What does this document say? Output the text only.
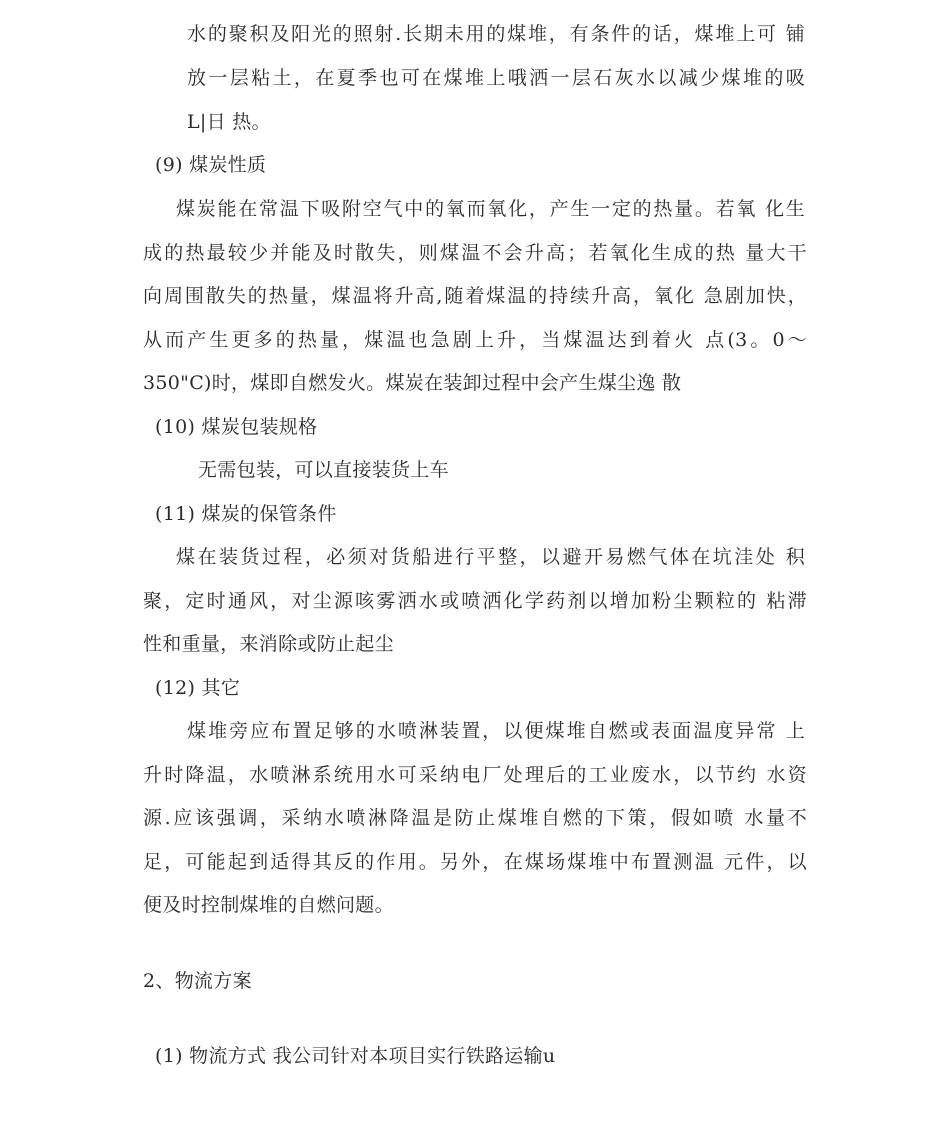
水的聚积及阳光的照射.长期未用的煤堆，有条件的话，煤堆上可 铺
放一层粘土，在夏季也可在煤堆上哦洒一层石灰水以减少煤堆的吸
L|日 热。
(9) 煤炭性质
煤炭能在常温下吸附空气中的氧而氧化，产生一定的热量。若氧 化生
成的热最较少并能及时散失，则煤温不会升高；若氧化生成的热 量大干
向周围散失的热量，煤温将升高,随着煤温的持续升高，氧化 急剧加快，
从而产生更多的热量，煤温也急剧上升，当煤温达到着火 点(3。0〜
350"C)时，煤即自燃发火。煤炭在装卸过程中会产生煤尘逸 散
(10) 煤炭包装规格
无需包装，可以直接装货上车
(11) 煤炭的保管条件
煤在装货过程，必须对货船进行平整，以避开易燃气体在坑洼处 积
聚，定时通风，对尘源咳雾洒水或喷洒化学药剂以增加粉尘颗粒的 粘滞
性和重量，来消除或防止起尘
(12) 其它
煤堆旁应布置足够的水喷淋装置，以便煤堆自燃或表面温度异常 上
升时降温，水喷淋系统用水可采纳电厂处理后的工业废水，以节约 水资
源.应该强调，采纳水喷淋降温是防止煤堆自燃的下策，假如喷 水量不
足，可能起到适得其反的作用。另外，在煤场煤堆中布置测温 元件，以
便及时控制煤堆的自燃问题。
2、物流方案
(1) 物流方式 我公司针对本项目实行铁路运输u
